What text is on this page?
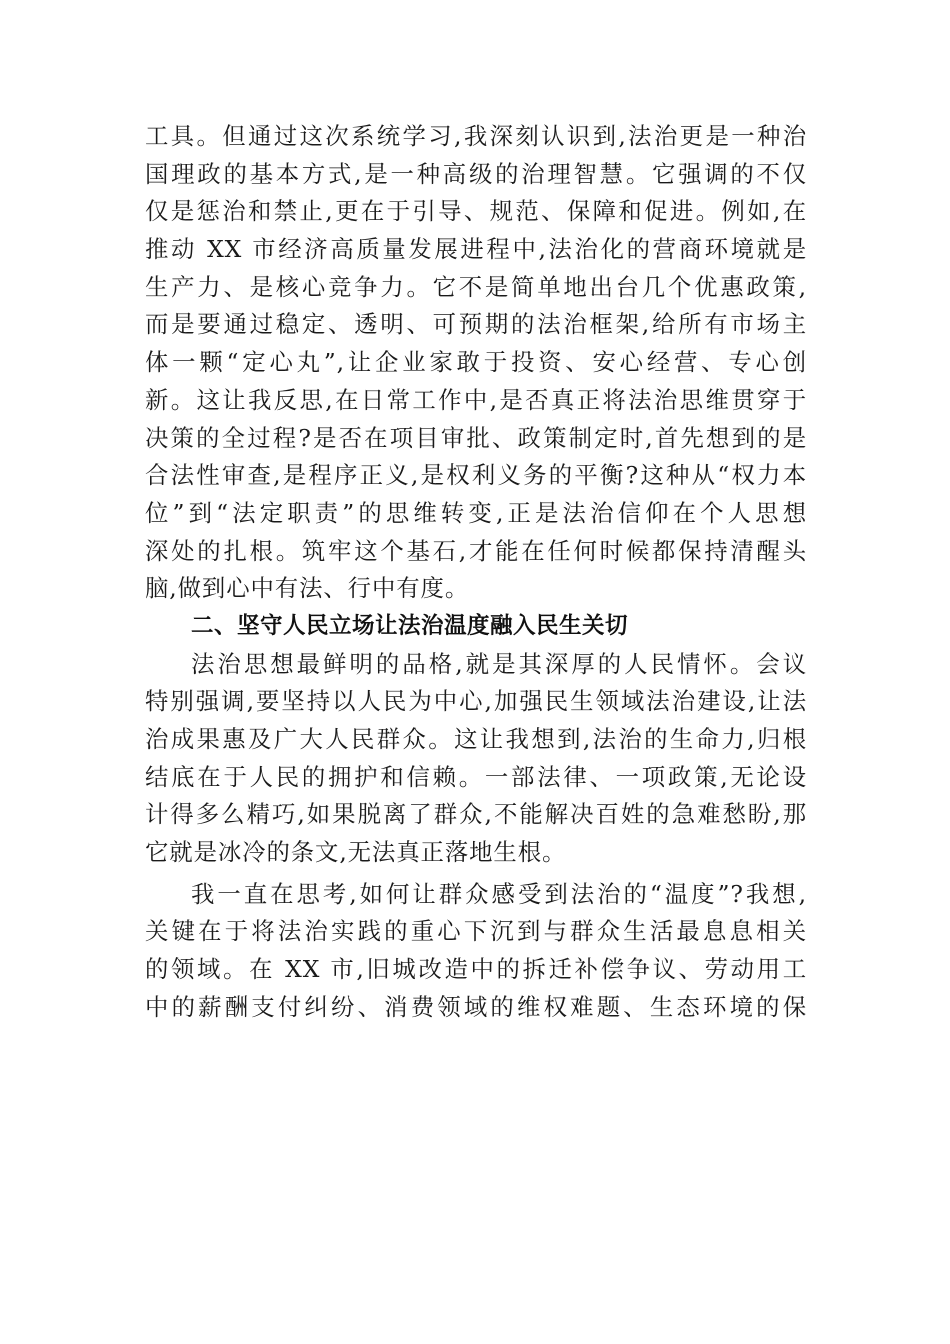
工具。但通过这次系统学习,我深刻认识到,法治更是一种治
国理政的基本方式,是一种高级的治理智慧。它强调的不仅
仅是惩治和禁止,更在于引导、规范、保障和促进。例如,在
推动 XX 市经济高质量发展进程中,法治化的营商环境就是
生产力、是核心竞争力。它不是简单地出台几个优惠政策,
而是要通过稳定、透明、可预期的法治框架,给所有市场主
体一颗“定心丸”,让企业家敢于投资、安心经营、专心创
新。这让我反思,在日常工作中,是否真正将法治思维贯穿于
决策的全过程?是否在项目审批、政策制定时,首先想到的是
合法性审查,是程序正义,是权利义务的平衡?这种从“权力本
位”到“法定职责”的思维转变,正是法治信仰在个人思想
深处的扎根。筑牢这个基石,才能在任何时候都保持清醒头
脑,做到心中有法、行中有度。
二、坚守人民立场让法治温度融入民生关切
法治思想最鲜明的品格,就是其深厚的人民情怀。会议
特别强调,要坚持以人民为中心,加强民生领域法治建设,让法
治成果惠及广大人民群众。这让我想到,法治的生命力,归根
结底在于人民的拥护和信赖。一部法律、一项政策,无论设
计得多么精巧,如果脱离了群众,不能解决百姓的急难愁盼,那
它就是冰冷的条文,无法真正落地生根。
我一直在思考,如何让群众感受到法治的“温度”?我想,
关键在于将法治实践的重心下沉到与群众生活最息息相关
的领域。在 XX 市,旧城改造中的拆迁补偿争议、劳动用工
中的薪酬支付纠纷、消费领域的维权难题、生态环境的保
